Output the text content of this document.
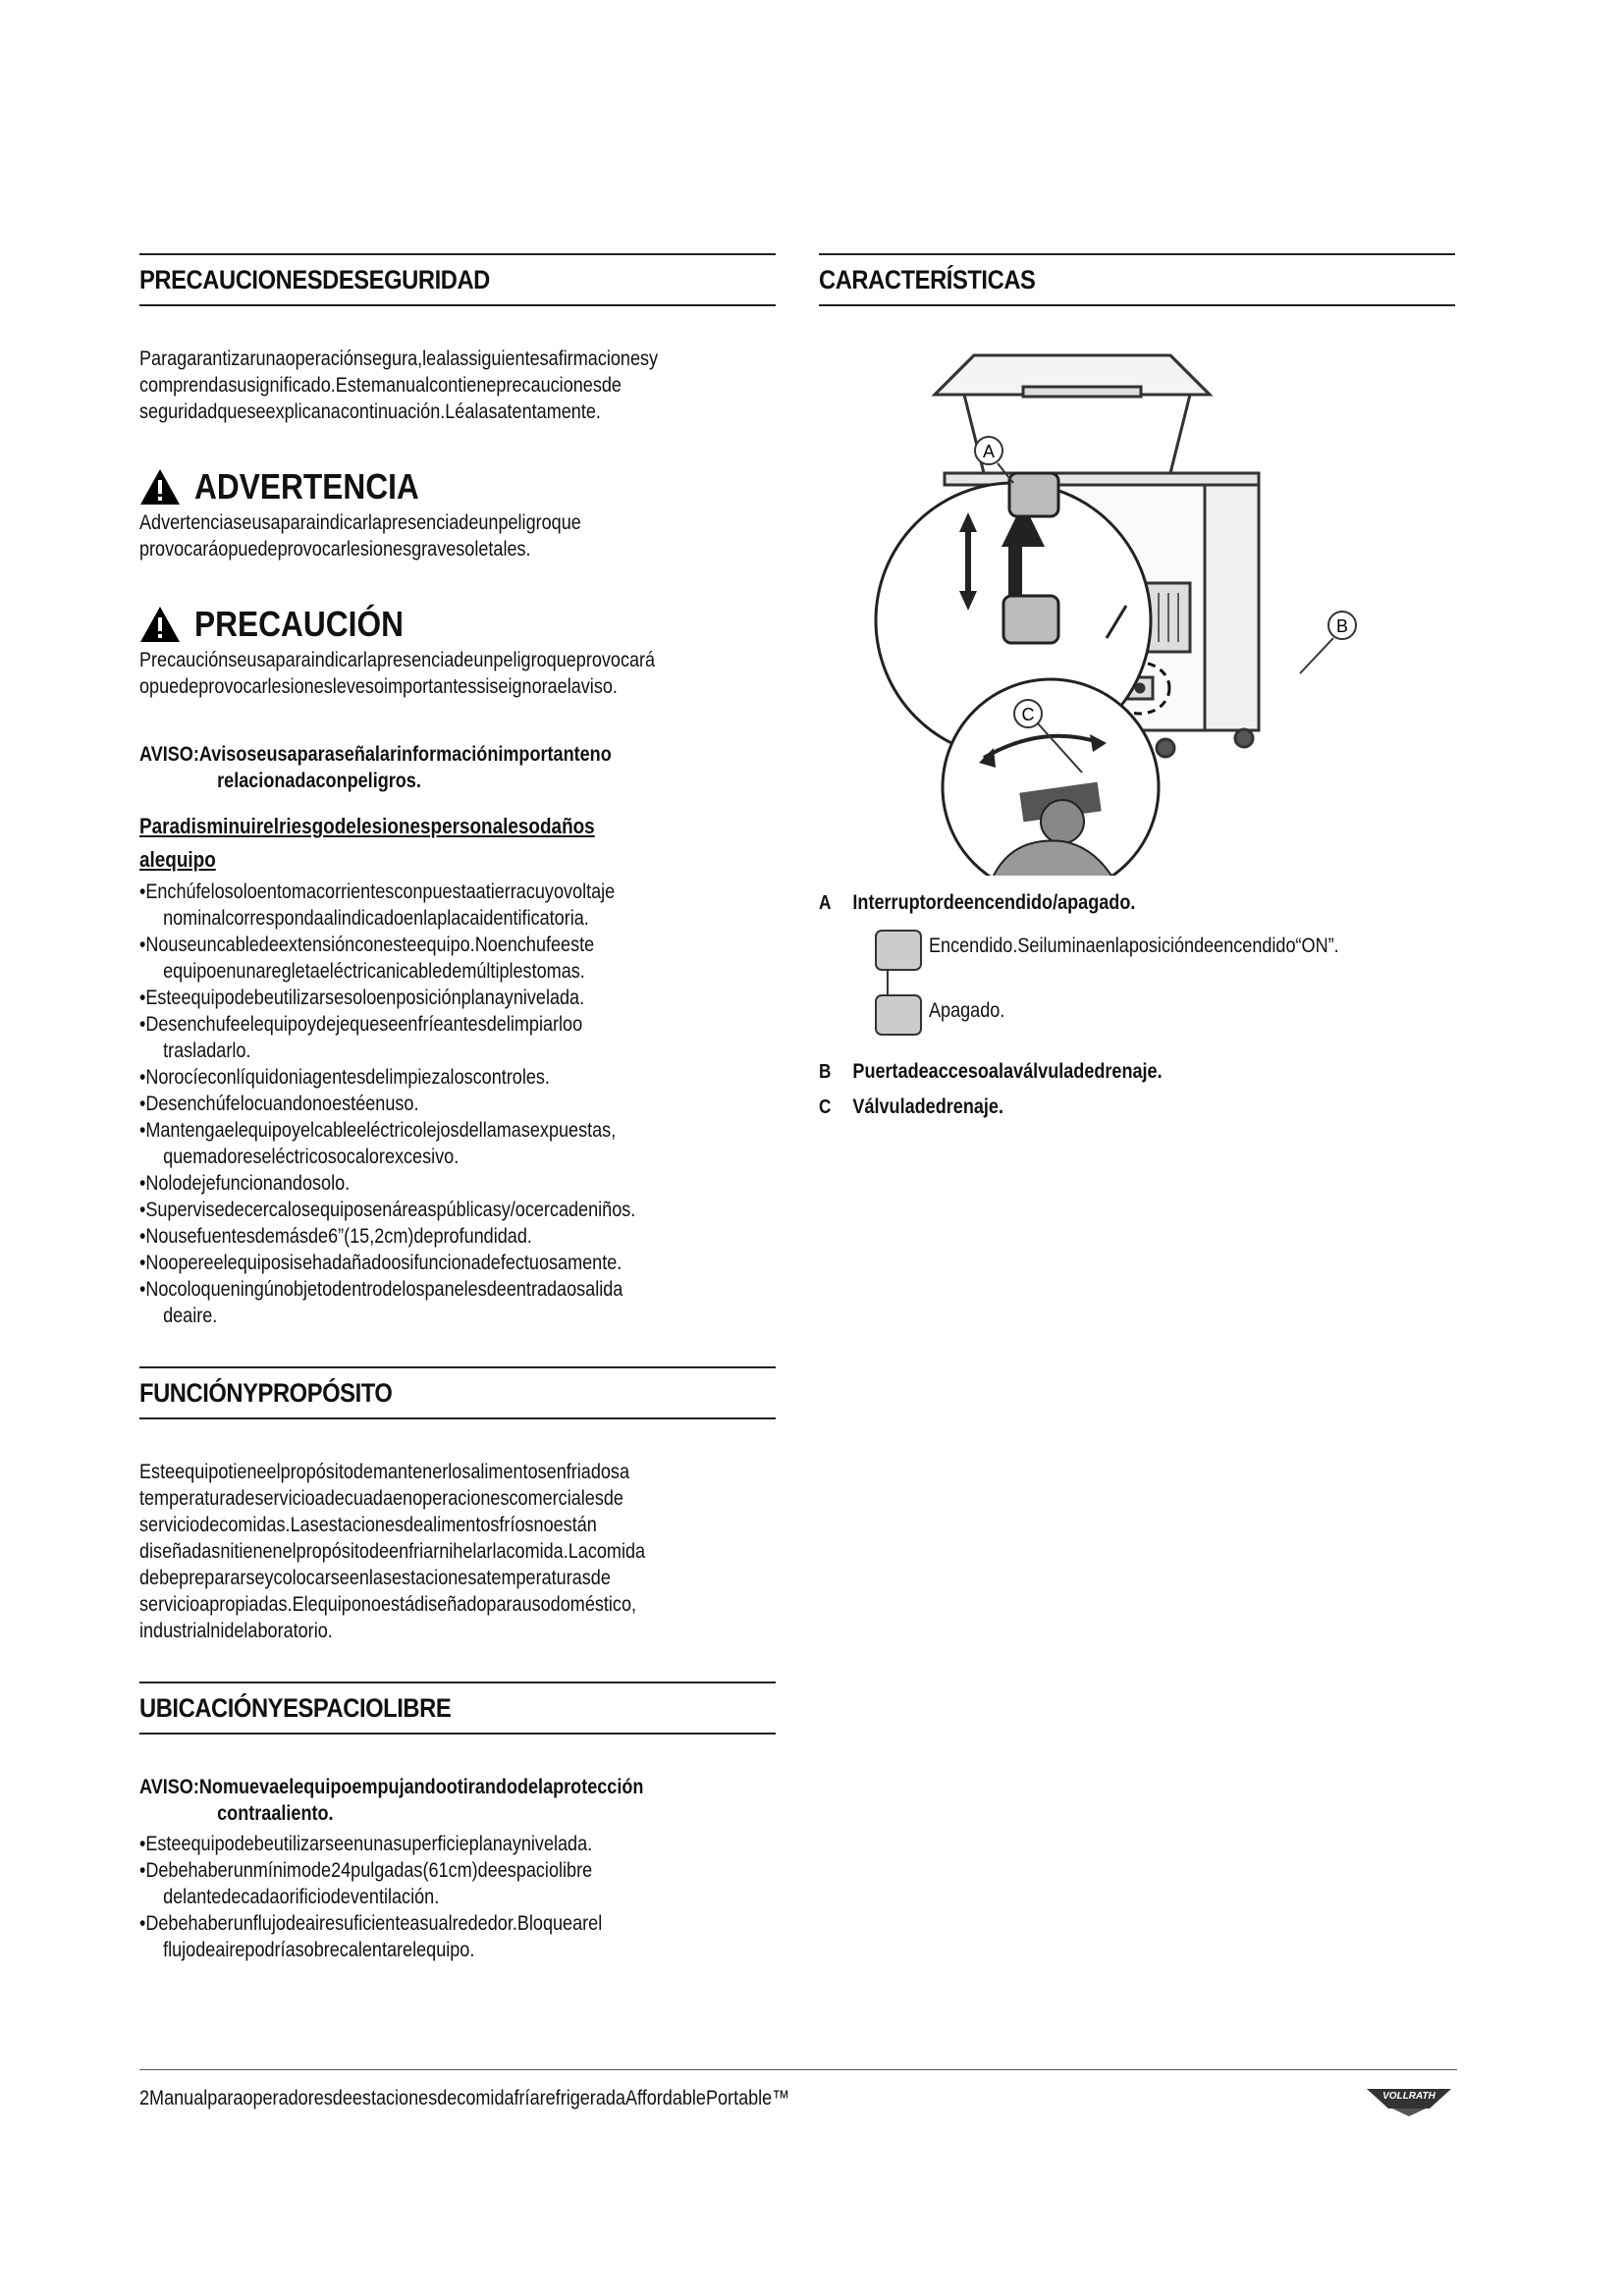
PRECAUCIONESDESEGURIDAD

Paragarantizarunaoperaciónsegura,lealassiguientesafirmacionesy

comprendasusignificado.Estemanualcontieneprecaucionesde

seguridadqueseexplicanacontinuación.Léalasatentamente.

ADVERTENCIA

Advertenciaseusaparaindicarlapresenciadeunpeligroque

provocaráopuedeprovocarlesionesgravesoletales.

PRECAUCIÓN

Precauciónseusaparaindicarlapresenciadeunpeligroqueprovocará

opuedeprovocarlesioneslevesoimportantessiseignoraelaviso.

AVISO:Avisoseusaparaseñalarinformaciónimportanteno

relacionadaconpeligros.

Paradisminuirelriesgodelesionespersonalesodaños
alequipo
•Enchúfelosoloentomacorrientesconpuestaatierracuyovoltaje
nominalcorrespondaalindicadoenlaplacaidentificatoria.
•Nouseuncabledeextensiónconesteequipo.Noenchufeeste
equipoenunaregletaeléctricanicabledemúltiplestomas.
•Esteequipodebeutilizarsesoloenposiciónplanaynivelada.
•Desenchufeelequipoydejequeseenfríeantesdelimpiarloo
trasladarlo.
•Norocíeconlíquidoniagentesdelimpiezaloscontroles.
•Desenchúfelocuandonoestéenuso.
•Mantengaelequipoyelcableeléctricolejosdellamasexpuestas,
quemadoreseléctricosocalorexcesivo.
•Nolodejefuncionandosolo.
•Supervisedecercalosequiposenáreaspúblicasy/ocercadeniños.
•Nousefuentesdemásde6”(15,2cm)deprofundidad.
•Noopereelequiposisehadañadoosifuncionadefectuosamente.
•Nocoloqueningúnobjetodentrodelospanelesdeentradaosalida
deaire.
FUNCIÓNYPROPÓSITO

Esteequipotieneelpropósitodemantenerlosalimentosenfriadosa

temperaturadeservicioadecuadaenoperacionescomercialesde

serviciodecomidas.Lasestacionesdealimentosfríosnoestán

diseñadasnitienenelpropósitodeenfriarnihelarlacomida.Lacomida

debeprepararseycolocarseenlasestacionesatemperaturasde

servicioapropiadas.Elequiponoestádiseñadoparausodoméstico,

industrialnidelaboratorio.

UBICACIÓNYESPACIOLIBRE

AVISO:Nomuevaelequipoempujandootirandodelaprotección

contraaliento.

•Esteequipodebeutilizarseenunasuperficieplanaynivelada.
•Debehaberunmínimode24pulgadas(61cm)deespaciolibre
delantedecadaorificiodeventilación.
•Debehaberunflujodeairesuficienteasualrededor.Bloquearel
flujodeairepodríasobrecalentarelequipo.
CARACTERÍSTICAS
A
B
C
A	Interruptordeencendido/apagado.
Encendido.Seiluminaenlaposicióndeencendido“ON”.
Apagado.
B	Puertadeaccesoalaválvuladedrenaje.
C	Válvuladedrenaje.
2ManualparaoperadoresdeestacionesdecomidafríarefrigeradaAffordablePortable™	VOLLRATH
